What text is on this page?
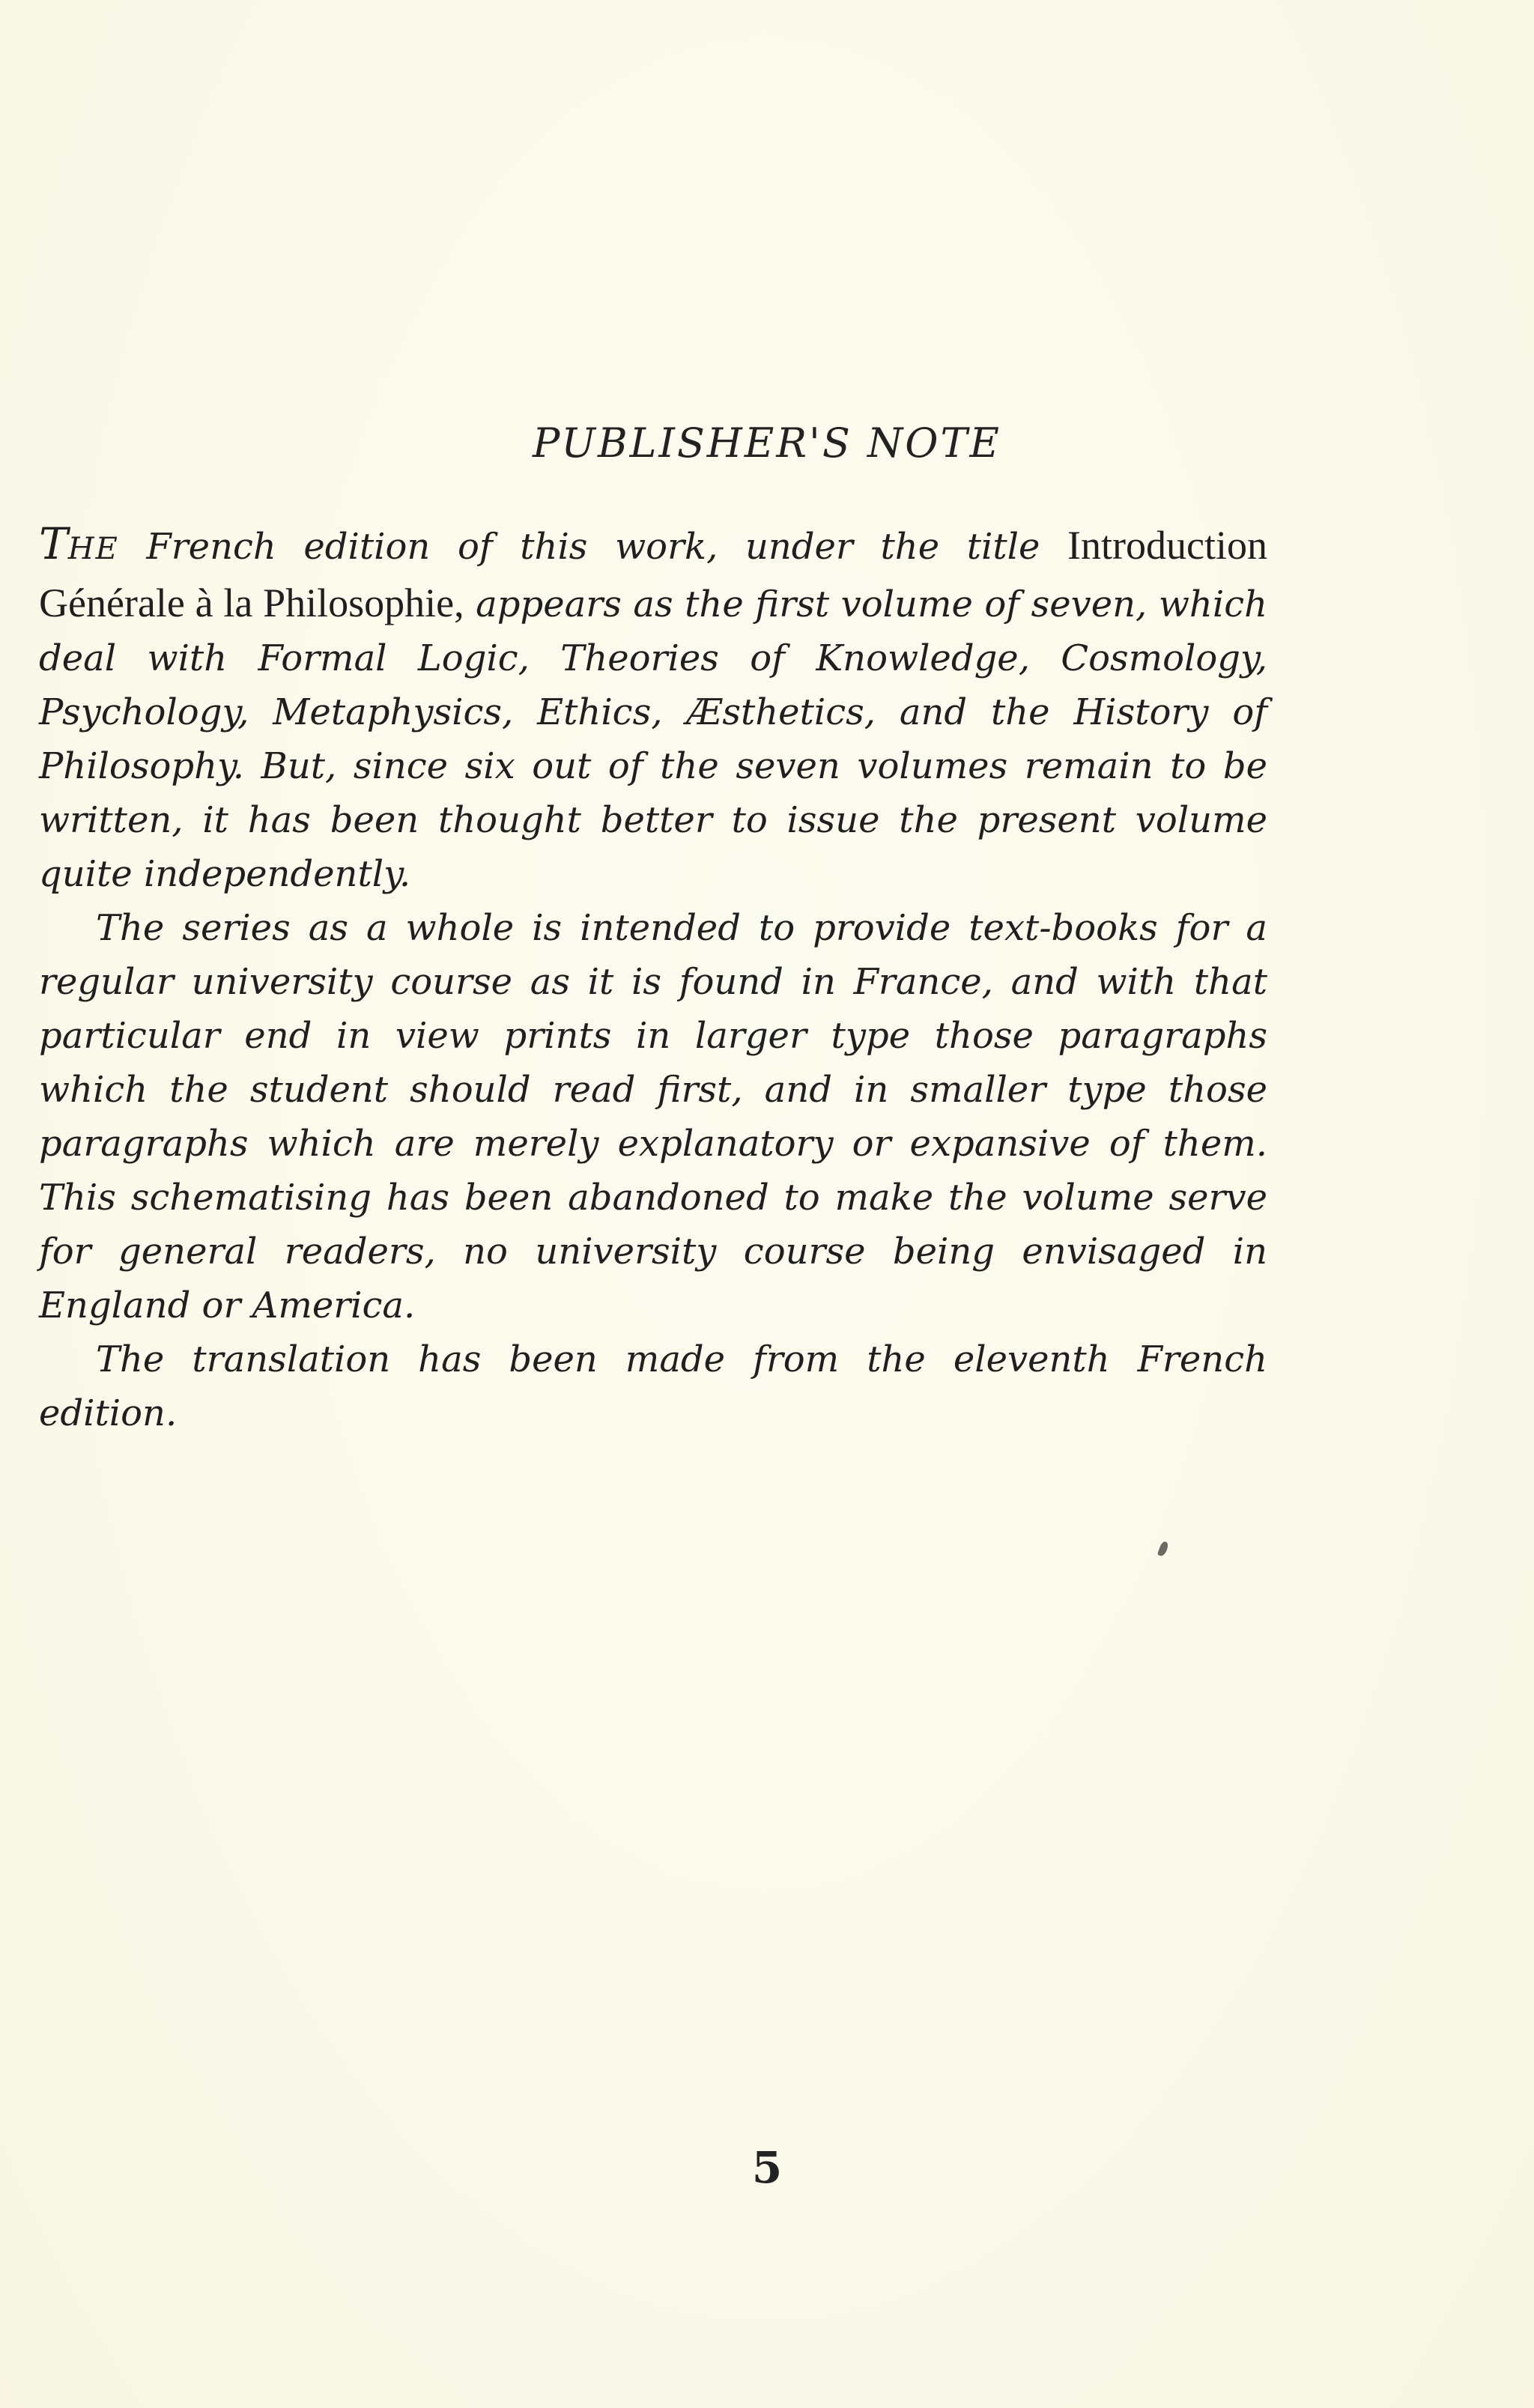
PUBLISHER'S NOTE

THE French edition of this work, under the title Introduction Générale à la Philosophie, appears as the first volume of seven, which deal with Formal Logic, Theories of Knowledge, Cosmology, Psychology, Metaphysics, Ethics, Æsthetics, and the History of Philosophy. But, since six out of the seven volumes remain to be written, it has been thought better to issue the present volume quite independently.

The series as a whole is intended to provide text-books for a regular university course as it is found in France, and with that particular end in view prints in larger type those paragraphs which the student should read first, and in smaller type those paragraphs which are merely explanatory or expansive of them. This schematising has been abandoned to make the volume serve for general readers, no university course being envisaged in England or America.

The translation has been made from the eleventh French edition.

5
